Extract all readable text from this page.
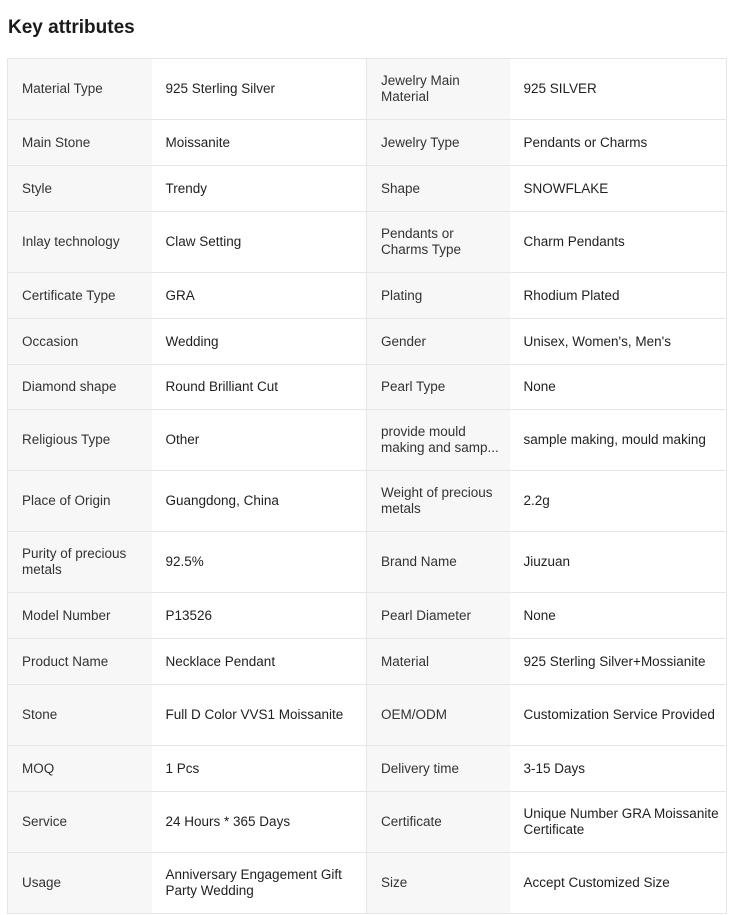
Key attributes
Material Type	925 Sterling Silver	Jewelry Main Material	925 SILVER
Main Stone	Moissanite	Jewelry Type	Pendants or Charms
Style	Trendy	Shape	SNOWFLAKE
Inlay technology	Claw Setting	Pendants or Charms Type	Charm Pendants
Certificate Type	GRA	Plating	Rhodium Plated
Occasion	Wedding	Gender	Unisex, Women's, Men's
Diamond shape	Round Brilliant Cut	Pearl Type	None
Religious Type	Other	provide mould making and samp...	sample making, mould making
Place of Origin	Guangdong, China	Weight of precious metals	2.2g
Purity of precious metals	92.5%	Brand Name	Jiuzuan
Model Number	P13526	Pearl Diameter	None
Product Name	Necklace Pendant	Material	925 Sterling Silver+Mossianite
Stone	Full D Color VVS1 Moissanite	OEM/ODM	Customization Service Provided
MOQ	1 Pcs	Delivery time	3-15 Days
Service	24 Hours * 365 Days	Certificate	Unique Number GRA Moissanite Certificate
Usage	Anniversary Engagement Gift Party Wedding	Size	Accept Customized Size
